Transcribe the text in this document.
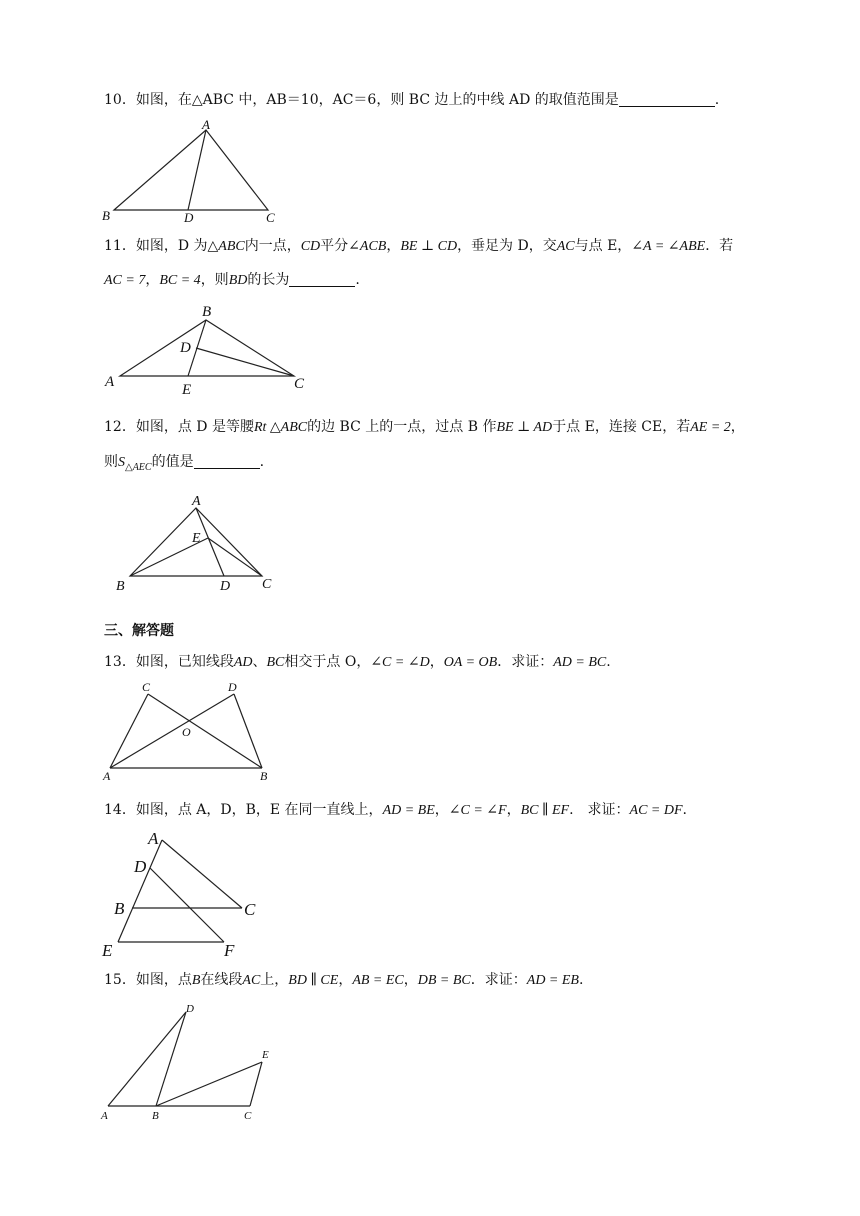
10．如图，在△ABC 中，AB＝10，AC＝6，则 BC 边上的中线 AD 的取值范围是	.
A
B	D	C
11．如图，D 为△ABC内一点，CD平分∠ACB，BE ⊥ CD，垂足为 D，交AC与点 E，∠A = ∠ABE．若
AC = 7，BC = 4，则BD的长为	.
B
D
A	E	C
12．如图，点 D 是等腰Rt △ABC的边 BC 上的一点，过点 B 作BE ⊥ AD于点 E，连接 CE，若AE = 2，
则$S_{\triangle AEC}$的值是	.
A
E
B	D C
三、解答题
13．如图，已知线段AD、BC相交于点 O，∠C = ∠D，OA = OB．求证：AD = BC.
C	D
O
A	B
14．如图，点 A，D，B，E 在同一直线上，AD = BE，∠C = ∠F，BC ∥ EF.　求证：AC = DF.
A
D
B	C
E	F
15．如图，点B在线段AC上，BD ∥ CE，AB = EC，DB = BC．求证：AD = EB.
D
E
A	B	C
